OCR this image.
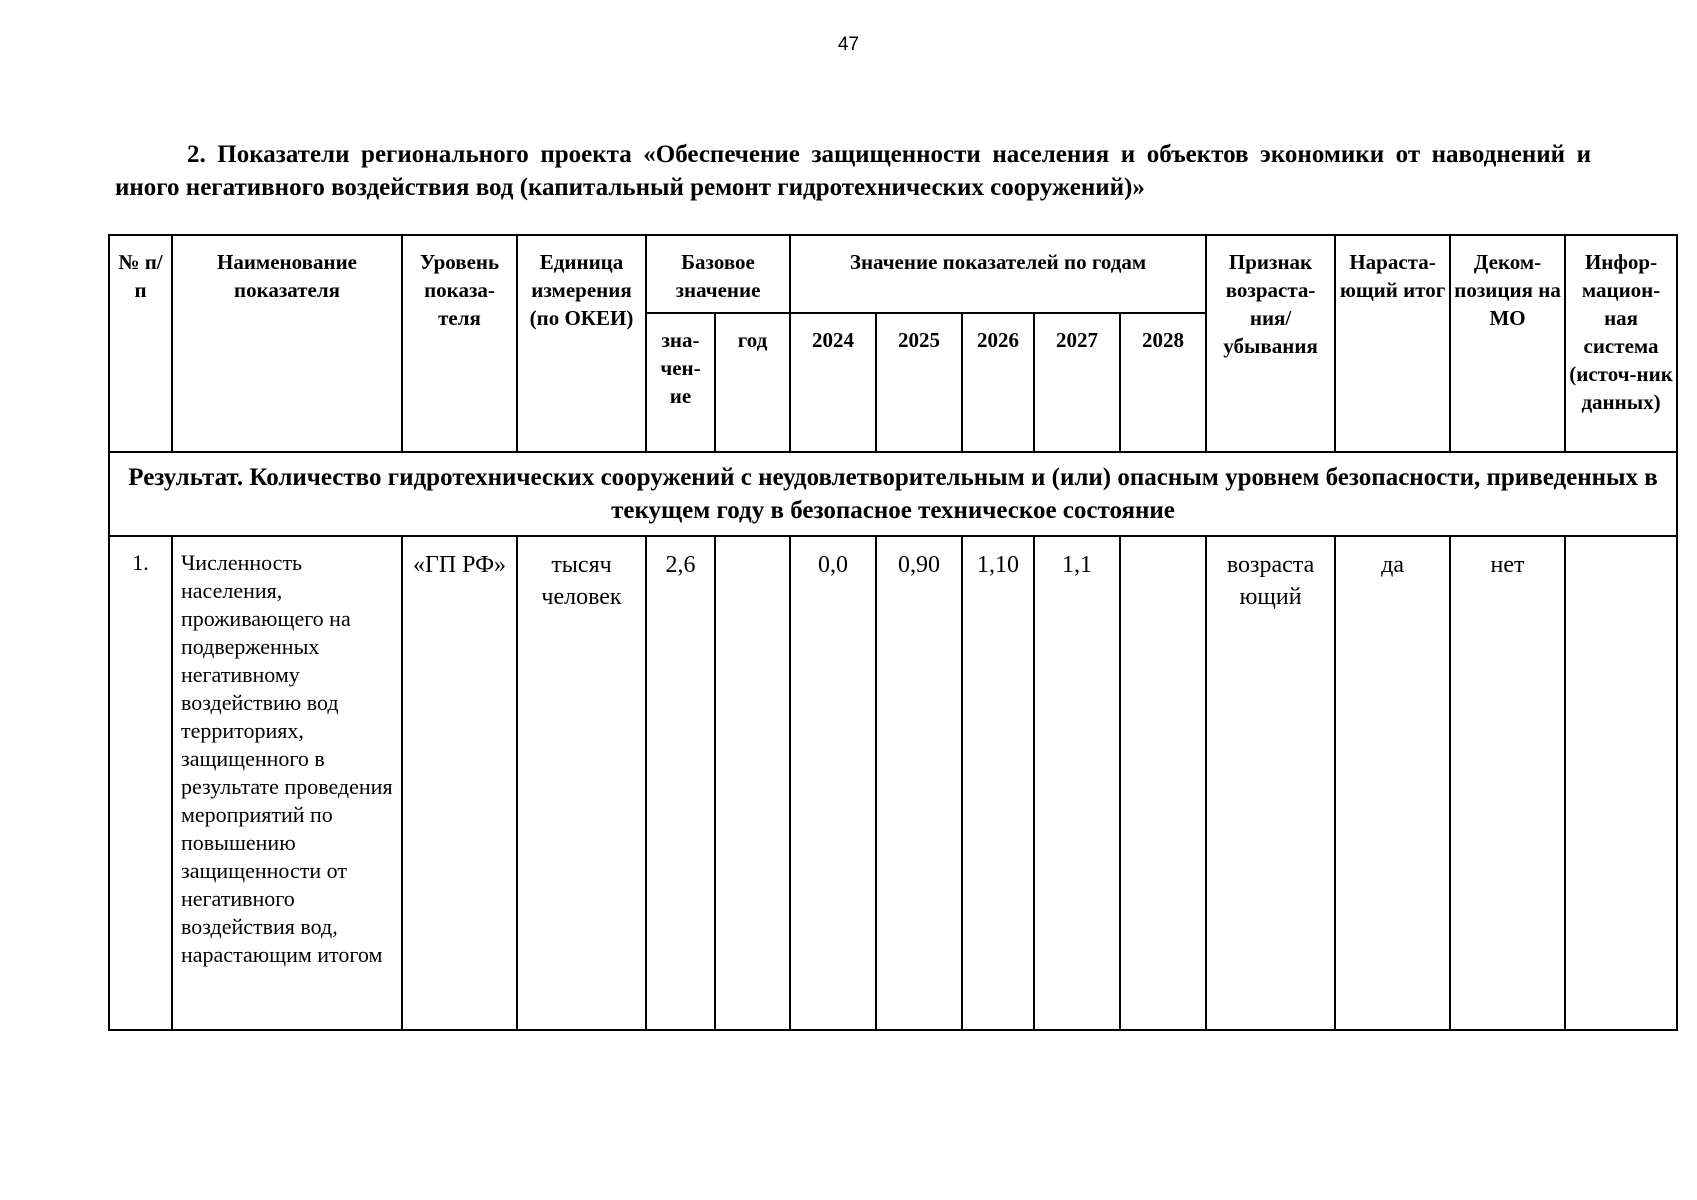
47
2. Показатели регионального проекта «Обеспечение защищенности населения и объектов экономики от наводнений и иного негативного воздействия вод (капитальный ремонт гидротехнических сооружений)»
№ п/п	Наименование показателя	Уровень показа-теля	Единица измерения (по ОКЕИ)	Базовое значение		Значение показателей по годам					Признак возраста-ния/ убывания	Нараста-ющий итог	Деком-позиция на МО	Инфор-мацион-ная система (источ-ник данных)
				зна-чен-ие	год	2024	2025	2026	2027	2028				
Результат. Количество гидротехнических сооружений с неудовлетворительным и (или) опасным уровнем безопасности, приведенных в текущем году в безопасное техническое состояние														
1.	Численность населения, проживающего на подверженных негативному воздействию вод территориях, защищенного в результате проведения мероприятий по повышению защищенности от негативного воздействия вод, нарастающим итогом	«ГП РФ»	тысяч человек	2,6		0,0	0,90	1,10	1,1		возраста ющий	да	нет	
